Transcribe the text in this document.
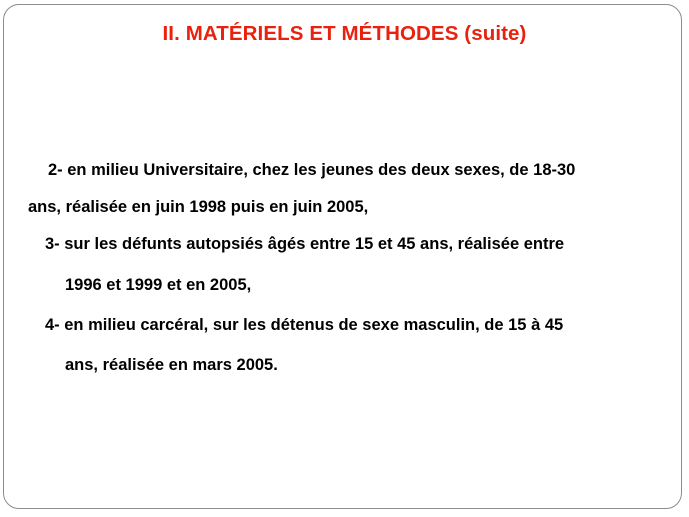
II. MATÉRIELS ET MÉTHODES (suite)

2- en milieu Universitaire, chez les jeunes des deux sexes, de 18-30

ans, réalisée en juin 1998 puis en juin 2005,

3- sur les défunts autopsiés âgés entre 15 et 45 ans, réalisée entre

1996 et 1999 et en 2005,

4- en milieu carcéral, sur les détenus de sexe masculin, de 15 à 45

ans, réalisée en mars 2005.
